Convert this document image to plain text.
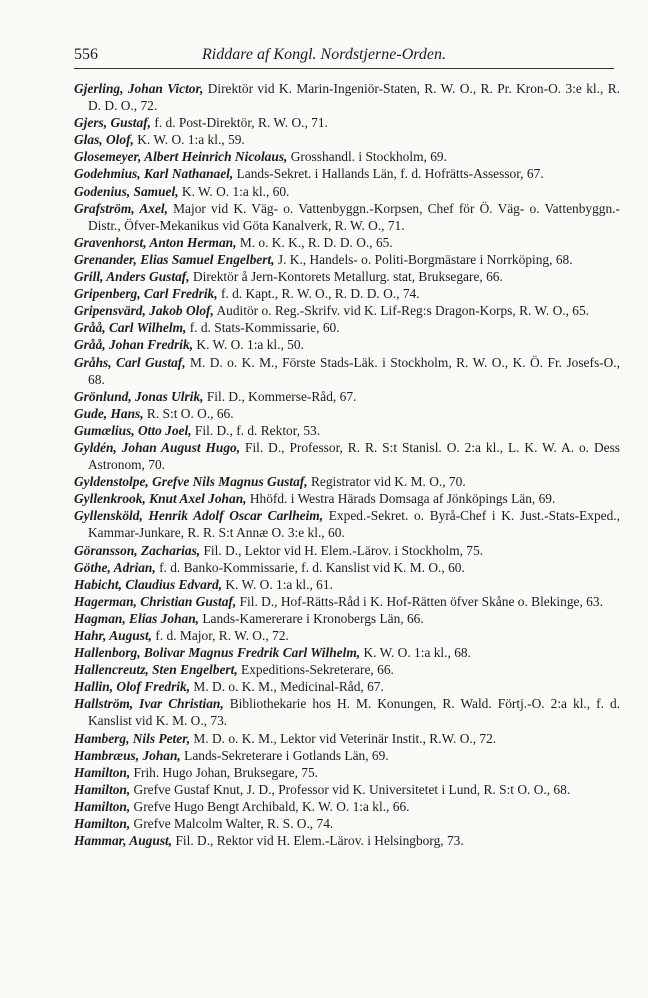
556	Riddare af Kongl. Nordstjerne-Orden.

Gjerling, Johan Victor, Direktör vid K. Marin-Ingeniör-Staten, R. W. O., R. Pr. Kron-O. 3:e kl., R. D. D. O., 72.

Gjers, Gustaf, f. d. Post-Direktör, R. W. O., 71.

Glas, Olof, K. W. O. 1:a kl., 59.

Glosemeyer, Albert Heinrich Nicolaus, Grosshandl. i Stockholm, 69.

Godehmius, Karl Nathanael, Lands-Sekret. i Hallands Län, f. d. Hofrätts-Assessor, 67.

Godenius, Samuel, K. W. O. 1:a kl., 60.

Grafström, Axel, Major vid K. Väg- o. Vattenbyggn.-Korpsen, Chef för Ö. Väg- o. Vattenbyggn.-Distr., Öfver-Mekanikus vid Göta Kanalverk, R. W. O., 71.

Gravenhorst, Anton Herman, M. o. K. K., R. D. D. O., 65.

Grenander, Elias Samuel Engelbert, J. K., Handels- o. Politi-Borgmästare i Norrköping, 68.

Grill, Anders Gustaf, Direktör å Jern-Kontorets Metallurg. stat, Bruksegare, 66.

Gripenberg, Carl Fredrik, f. d. Kapt., R. W. O., R. D. D. O., 74.

Gripensvärd, Jakob Olof, Auditör o. Reg.-Skrifv. vid K. Lif-Reg:s Dragon-Korps, R. W. O., 65.

Gråå, Carl Wilhelm, f. d. Stats-Kommissarie, 60.

Gråå, Johan Fredrik, K. W. O. 1:a kl., 50.

Gråhs, Carl Gustaf, M. D. o. K. M., Förste Stads-Läk. i Stockholm, R. W. O., K. Ö. Fr. Josefs-O., 68.

Grönlund, Jonas Ulrik, Fil. D., Kommerse-Råd, 67.

Gude, Hans, R. S:t O. O., 66.

Gumælius, Otto Joel, Fil. D., f. d. Rektor, 53.

Gyldén, Johan August Hugo, Fil. D., Professor, R. R. S:t Stanisl. O. 2:a kl., L. K. W. A. o. Dess Astronom, 70.

Gyldenstolpe, Grefve Nils Magnus Gustaf, Registrator vid K. M. O., 70.

Gyllenkrook, Knut Axel Johan, Hhöfd. i Westra Härads Domsaga af Jönköpings Län, 69.

Gyllensköld, Henrik Adolf Oscar Carlheim, Exped.-Sekret. o. Byrå-Chef i K. Just.-Stats-Exped., Kammar-Junkare, R. R. S:t Annæ O. 3:e kl., 60.

Göransson, Zacharias, Fil. D., Lektor vid H. Elem.-Lärov. i Stockholm, 75.

Göthe, Adrian, f. d. Banko-Kommissarie, f. d. Kanslist vid K. M. O., 60.

Habicht, Claudius Edvard, K. W. O. 1:a kl., 61.

Hagerman, Christian Gustaf, Fil. D., Hof-Rätts-Råd i K. Hof-Rätten öfver Skåne o. Blekinge, 63.

Hagman, Elias Johan, Lands-Kamererare i Kronobergs Län, 66.

Hahr, August, f. d. Major, R. W. O., 72.

Hallenborg, Bolivar Magnus Fredrik Carl Wilhelm, K. W. O. 1:a kl., 68.

Hallencreutz, Sten Engelbert, Expeditions-Sekreterare, 66.

Hallin, Olof Fredrik, M. D. o. K. M., Medicinal-Råd, 67.

Hallström, Ivar Christian, Bibliothekarie hos H. M. Konungen, R. Wald. Förtj.-O. 2:a kl., f. d. Kanslist vid K. M. O., 73.

Hamberg, Nils Peter, M. D. o. K. M., Lektor vid Veterinär Instit., R.W. O., 72.

Hambræus, Johan, Lands-Sekreterare i Gotlands Län, 69.

Hamilton, Frih. Hugo Johan, Bruksegare, 75.

Hamilton, Grefve Gustaf Knut, J. D., Professor vid K. Universitetet i Lund, R. S:t O. O., 68.

Hamilton, Grefve Hugo Bengt Archibald, K. W. O. 1:a kl., 66.

Hamilton, Grefve Malcolm Walter, R. S. O., 74.

Hammar, August, Fil. D., Rektor vid H. Elem.-Lärov. i Helsingborg, 73.
